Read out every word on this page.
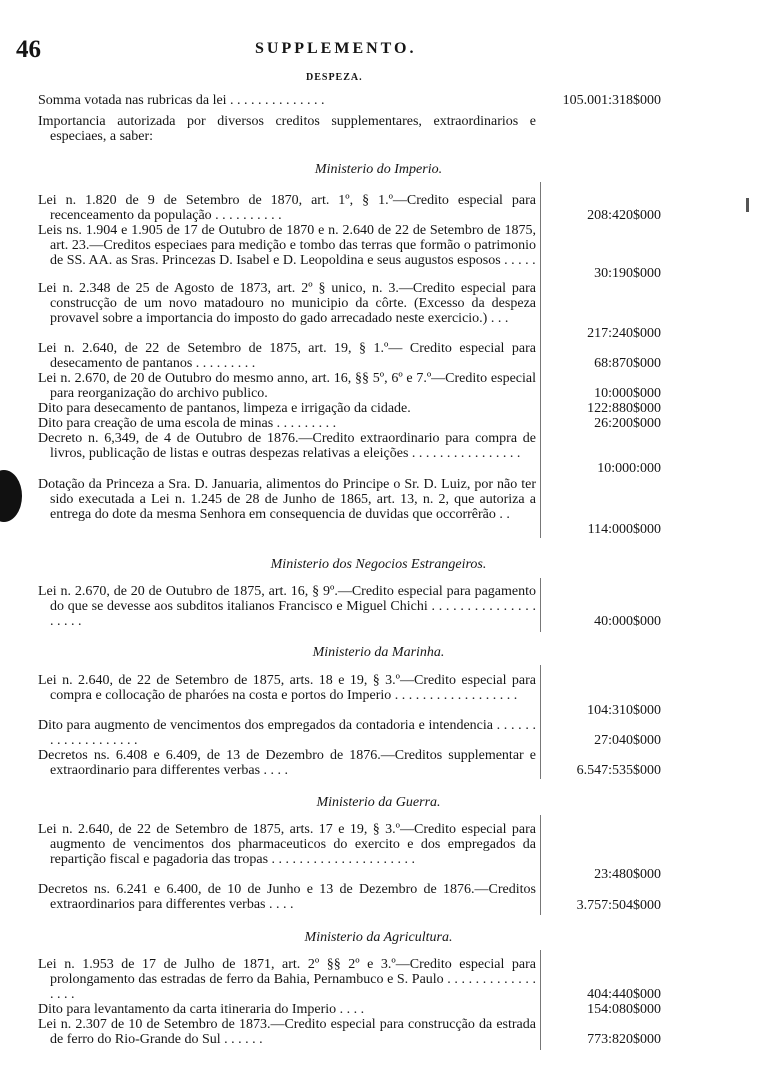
46	SUPPLEMENTO.
DESPEZA.
Somma votada nas rubricas da lei . . . . . . . . . . . . . .	105.001:318$000
Importancia autorizada por diversos creditos supplementares, extraordinarios e especiaes, a saber:
Ministerio do Imperio.
Lei n. 1.820 de 9 de Setembro de 1870, art. 1º, § 1.º—Credito especial para recenceamento da população . . . . . . . . . .	208:420$000
Leis ns. 1.904 e 1.905 de 17 de Outubro de 1870 e n. 2.640 de 22 de Setembro de 1875, art. 23.—Creditos especiaes para medição e tombo das terras que formão o patrimonio de SS. AA. as Sras. Princezas D. Isabel e D. Leopoldina e seus augustos esposos . . . . .
30:190$000
Lei n. 2.348 de 25 de Agosto de 1873, art. 2º § unico, n. 3.—Credito especial para construcção de um novo matadouro no municipio da côrte. (Excesso da despeza provavel sobre a importancia do imposto do gado arrecadado neste exercicio.) . . .
217:240$000
Lei n. 2.640, de 22 de Setembro de 1875, art. 19, § 1.º— Credito especial para desecamento de pantanos . . . . . . . . .	68:870$000
Lei n. 2.670, de 20 de Outubro do mesmo anno, art. 16, §§ 5º, 6º e 7.º—Credito especial para reorganização do archivo publico.	10:000$000
Dito para desecamento de pantanos, limpeza e irrigação da cidade.	122:880$000
Dito para creação de uma escola de minas . . . . . . . . .	26:200$000
Decreto n. 6,349, de 4 de Outubro de 1876.—Credito extraordinario para compra de livros, publicação de listas e outras despezas relativas a eleições . . . . . . . . . . . . . . . .
10:000:000
Dotação da Princeza a Sra. D. Januaria, alimentos do Principe o Sr. D. Luiz, por não ter sido executada a Lei n. 1.245 de 28 de Junho de 1865, art. 13, n. 2, que autoriza a entrega do dote da mesma Senhora em consequencia de duvidas que occorrêrão . .
114:000$000
Ministerio dos Negocios Estrangeiros.
Lei n. 2.670, de 20 de Outubro de 1875, art. 16, § 9º.—Credito especial para pagamento do que se devesse aos subditos italianos Francisco e Miguel Chichi . . . . . . . . . . . . . . . . . . . .	40:000$000
Ministerio da Marinha.
Lei n. 2.640, de 22 de Setembro de 1875, arts. 18 e 19, § 3.º—Credito especial para compra e collocação de pharóes na costa e portos do Imperio . . . . . . . . . . . . . . . . . .
104:310$000
Dito para augmento de vencimentos dos empregados da contadoria e intendencia . . . . . . . . . . . . . . . . . . .	27:040$000
Decretos ns. 6.408 e 6.409, de 13 de Dezembro de 1876.—Creditos supplementar e extraordinario para differentes verbas . . . .	6.547:535$000
Ministerio da Guerra.
Lei n. 2.640, de 22 de Setembro de 1875, arts. 17 e 19, § 3.º—Credito especial para augmento de vencimentos dos pharmaceuticos do exercito e dos empregados da repartição fiscal e pagadoria das tropas . . . . . . . . . . . . . . . . . . . . .
23:480$000
Decretos ns. 6.241 e 6.400, de 10 de Junho e 13 de Dezembro de 1876.—Creditos extraordinarios para differentes verbas . . . .	3.757:504$000
Ministerio da Agricultura.
Lei n. 1.953 de 17 de Julho de 1871, art. 2º §§ 2º e 3.º—Credito especial para prolongamento das estradas de ferro da Bahia, Pernambuco e S. Paulo . . . . . . . . . . . . . . . . .	404:440$000
Dito para levantamento da carta itineraria do Imperio . . . .	154:080$000
Lei n. 2.307 de 10 de Setembro de 1873.—Credito especial para construcção da estrada de ferro do Rio-Grande do Sul . . . . . .	773:820$000
